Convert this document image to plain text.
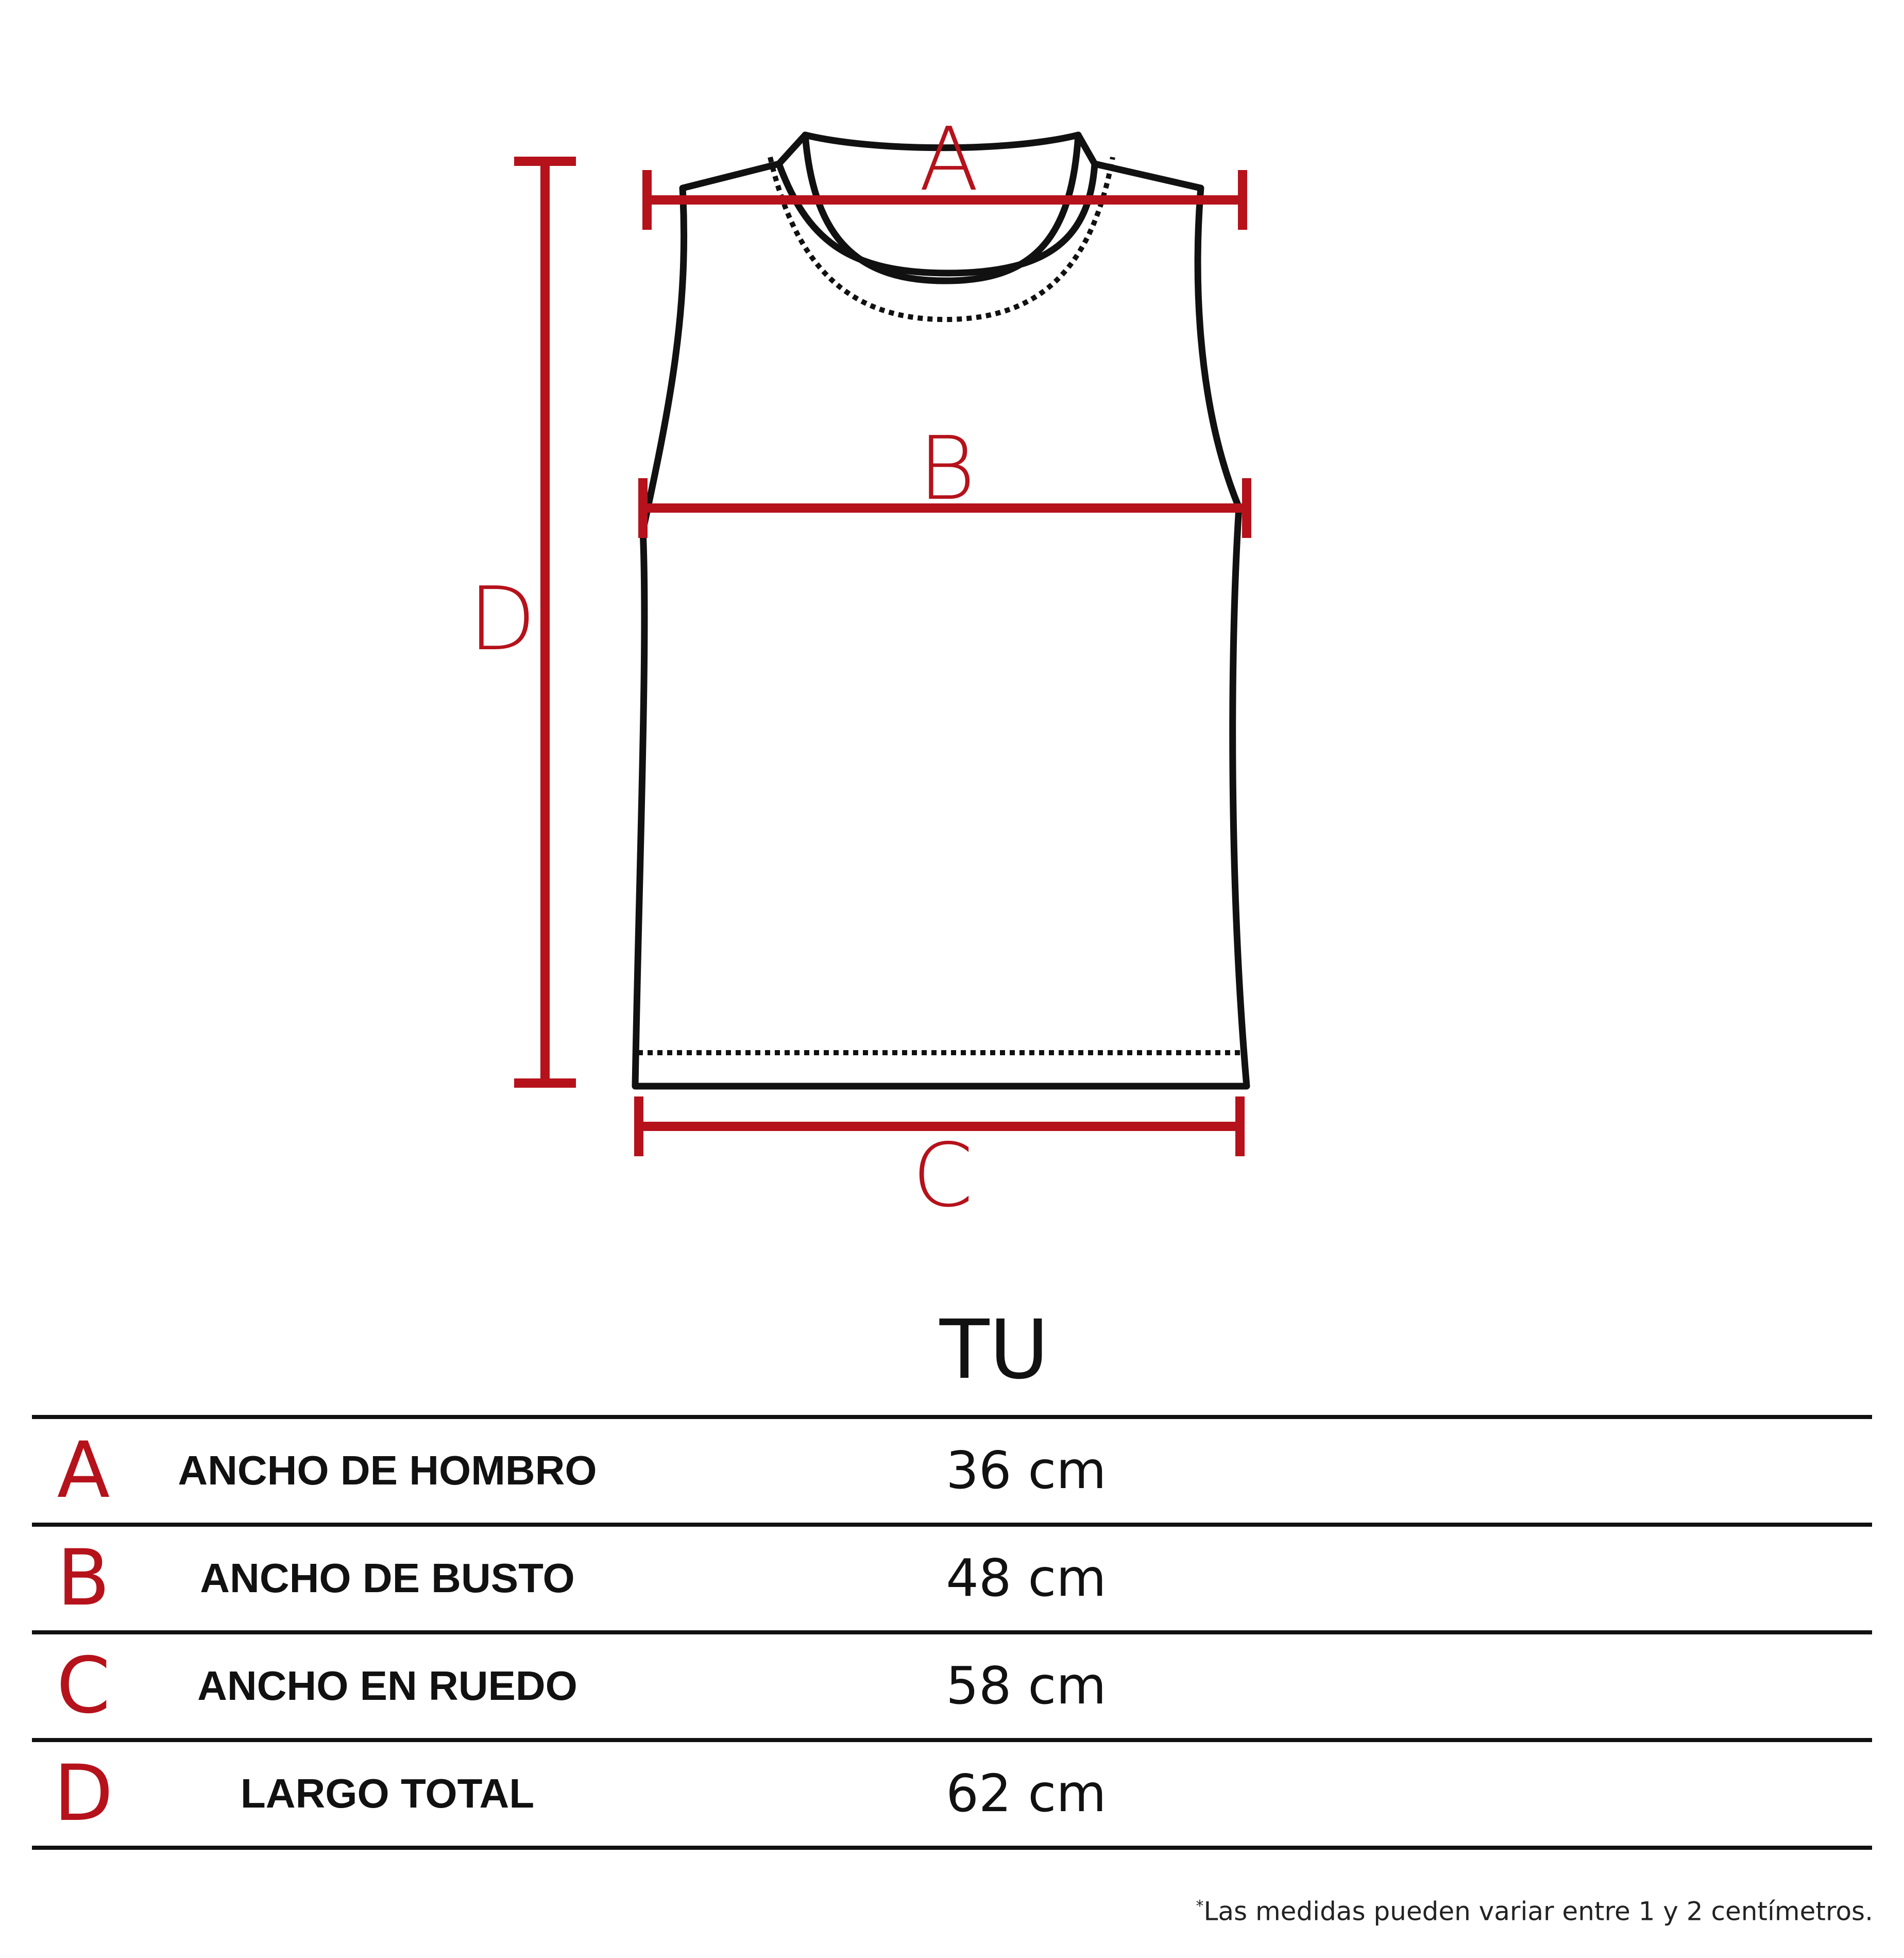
A
B
C
D
TU
A	ANCHO DE HOMBRO	36 cm
B	ANCHO DE BUSTO	48 cm
C	ANCHO EN RUEDO	58 cm
D	LARGO TOTAL	62 cm
*Las medidas pueden variar entre 1 y 2 centímetros.
